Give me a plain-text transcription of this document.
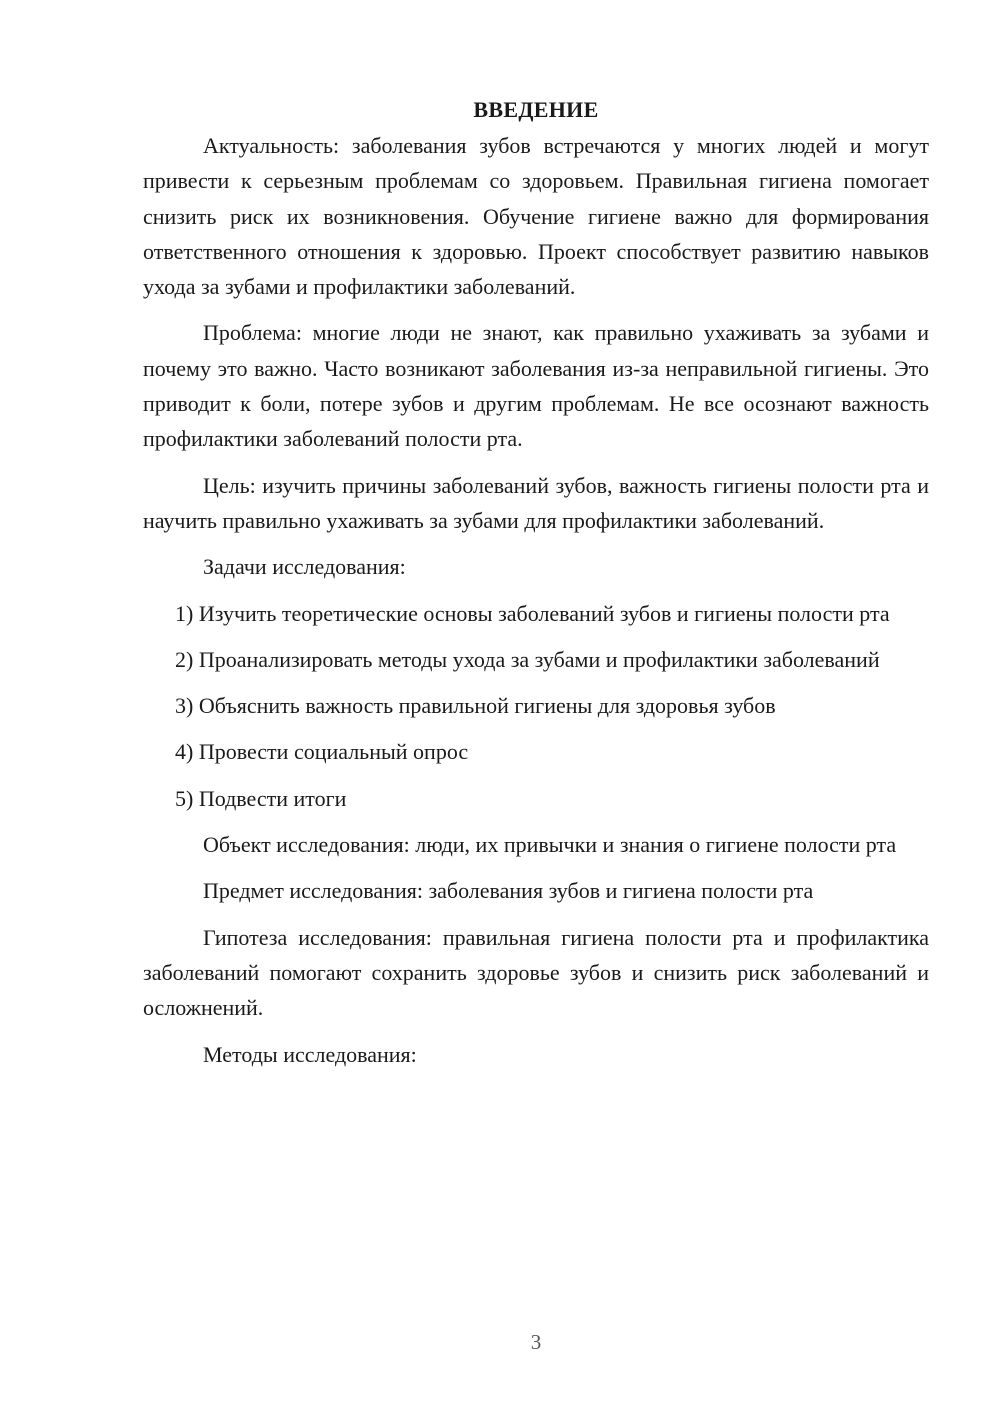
ВВЕДЕНИЕ

Актуальность: заболевания зубов встречаются у многих людей и могут привести к серьезным проблемам со здоровьем. Правильная гигиена помогает снизить риск их возникновения. Обучение гигиене важно для формирования ответственного отношения к здоровью. Проект способствует развитию навыков ухода за зубами и профилактики заболеваний.

Проблема: многие люди не знают, как правильно ухаживать за зубами и почему это важно. Часто возникают заболевания из-за неправильной гигиены. Это приводит к боли, потере зубов и другим проблемам. Не все осознают важность профилактики заболеваний полости рта.

Цель: изучить причины заболеваний зубов, важность гигиены полости рта и научить правильно ухаживать за зубами для профилактики заболеваний.

Задачи исследования:

1) Изучить теоретические основы заболеваний зубов и гигиены полости рта

2) Проанализировать методы ухода за зубами и профилактики заболеваний

3) Объяснить важность правильной гигиены для здоровья зубов

4) Провести социальный опрос

5) Подвести итоги

Объект исследования: люди, их привычки и знания о гигиене полости рта

Предмет исследования: заболевания зубов и гигиена полости рта

Гипотеза исследования: правильная гигиена полости рта и профилактика заболеваний помогают сохранить здоровье зубов и снизить риск заболеваний и осложнений.

Методы исследования:

3
